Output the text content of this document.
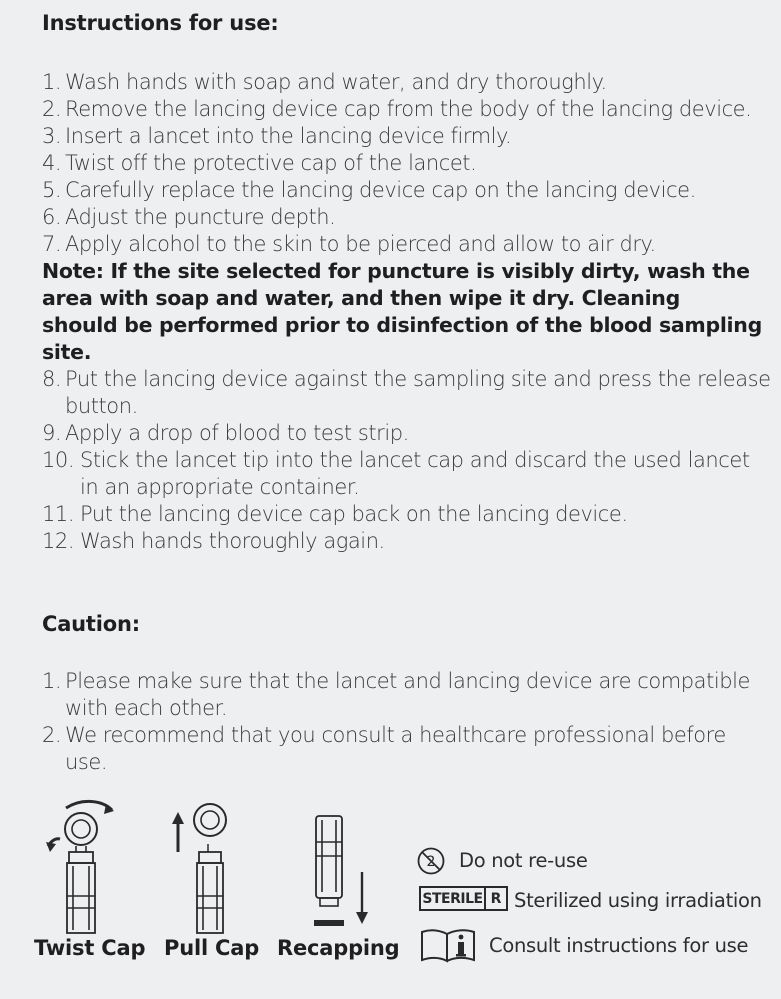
Instructions for use:
1. Wash hands with soap and water, and dry thoroughly.
2. Remove the lancing device cap from the body of the lancing device.
3. Insert a lancet into the lancing device firmly.
4. Twist off the protective cap of the lancet.
5. Carefully replace the lancing device cap on the lancing device.
6. Adjust the puncture depth.
7. Apply alcohol to the skin to be pierced and allow to air dry.
Note: If the site selected for puncture is visibly dirty, wash the area with soap and water, and then wipe it dry. Cleaning should be performed prior to disinfection of the blood sampling site.
8. Put the lancing device against the sampling site and press the release button.
9. Apply a drop of blood to test strip.
10. Stick the lancet tip into the lancet cap and discard the used lancet in an appropriate container.
11. Put the lancing device cap back on the lancing device.
12. Wash hands thoroughly again.
Caution:
1. Please make sure that the lancet and lancing device are compatible with each other.
2. We recommend that you consult a healthcare professional before use.
Twist Cap Pull Cap Recapping
2 Do not re-use
STERILE R Sterilized using irradiation
Consult instructions for use
